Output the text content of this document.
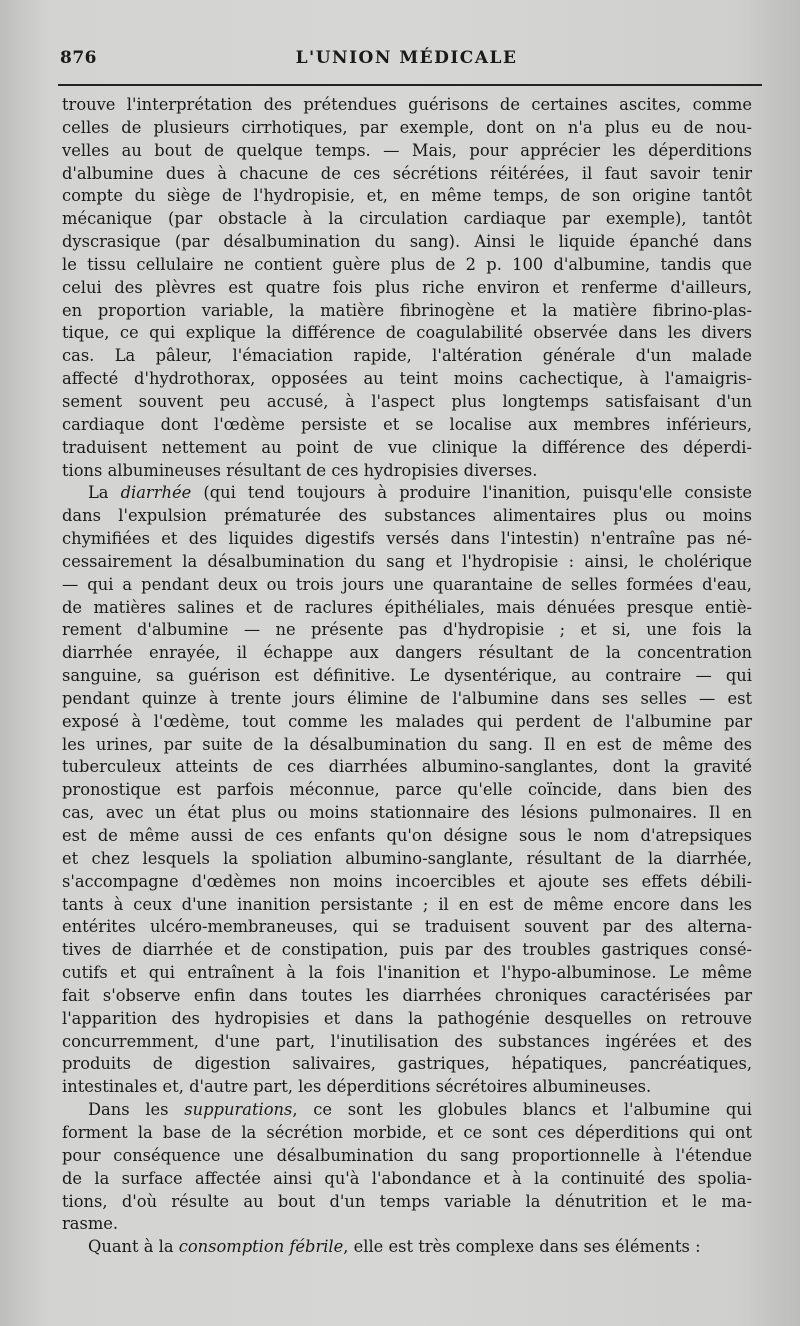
876	L'UNION MÉDICALE
trouve l'interprétation des prétendues guérisons de certaines ascites, comme
celles de plusieurs cirrhotiques, par exemple, dont on n'a plus eu de nou-
velles au bout de quelque temps. — Mais, pour apprécier les déperditions
d'albumine dues à chacune de ces sécrétions réitérées, il faut savoir tenir
compte du siège de l'hydropisie, et, en même temps, de son origine tantôt
mécanique (par obstacle à la circulation cardiaque par exemple), tantôt
dyscrasique (par désalbumination du sang). Ainsi le liquide épanché dans
le tissu cellulaire ne contient guère plus de 2 p. 100 d'albumine, tandis que
celui des plèvres est quatre fois plus riche environ et renferme d'ailleurs,
en proportion variable, la matière fibrinogène et la matière fibrino-plas-
tique, ce qui explique la différence de coagulabilité observée dans les divers
cas. La pâleur, l'émaciation rapide, l'altération générale d'un malade
affecté d'hydrothorax, opposées au teint moins cachectique, à l'amaigris-
sement souvent peu accusé, à l'aspect plus longtemps satisfaisant d'un
cardiaque dont l'œdème persiste et se localise aux membres inférieurs,
traduisent nettement au point de vue clinique la différence des déperdi-
tions albumineuses résultant de ces hydropisies diverses.
La diarrhée (qui tend toujours à produire l'inanition, puisqu'elle consiste
dans l'expulsion prématurée des substances alimentaires plus ou moins
chymifiées et des liquides digestifs versés dans l'intestin) n'entraîne pas né-
cessairement la désalbumination du sang et l'hydropisie : ainsi, le cholérique
— qui a pendant deux ou trois jours une quarantaine de selles formées d'eau,
de matières salines et de raclures épithéliales, mais dénuées presque entiè-
rement d'albumine — ne présente pas d'hydropisie ; et si, une fois la
diarrhée enrayée, il échappe aux dangers résultant de la concentration
sanguine, sa guérison est définitive. Le dysentérique, au contraire — qui
pendant quinze à trente jours élimine de l'albumine dans ses selles — est
exposé à l'œdème, tout comme les malades qui perdent de l'albumine par
les urines, par suite de la désalbumination du sang. Il en est de même des
tuberculeux atteints de ces diarrhées albumino-sanglantes, dont la gravité
pronostique est parfois méconnue, parce qu'elle coïncide, dans bien des
cas, avec un état plus ou moins stationnaire des lésions pulmonaires. Il en
est de même aussi de ces enfants qu'on désigne sous le nom d'atrepsiques
et chez lesquels la spoliation albumino-sanglante, résultant de la diarrhée,
s'accompagne d'œdèmes non moins incoercibles et ajoute ses effets débili-
tants à ceux d'une inanition persistante ; il en est de même encore dans les
entérites ulcéro-membraneuses, qui se traduisent souvent par des alterna-
tives de diarrhée et de constipation, puis par des troubles gastriques consé-
cutifs et qui entraînent à la fois l'inanition et l'hypo-albuminose. Le même
fait s'observe enfin dans toutes les diarrhées chroniques caractérisées par
l'apparition des hydropisies et dans la pathogénie desquelles on retrouve
concurremment, d'une part, l'inutilisation des substances ingérées et des
produits de digestion salivaires, gastriques, hépatiques, pancréatiques,
intestinales et, d'autre part, les déperditions sécrétoires albumineuses.
Dans les suppurations, ce sont les globules blancs et l'albumine qui
forment la base de la sécrétion morbide, et ce sont ces déperditions qui ont
pour conséquence une désalbumination du sang proportionnelle à l'étendue
de la surface affectée ainsi qu'à l'abondance et à la continuité des spolia-
tions, d'où résulte au bout d'un temps variable la dénutrition et le ma-
rasme.
Quant à la consomption fébrile, elle est très complexe dans ses éléments :
